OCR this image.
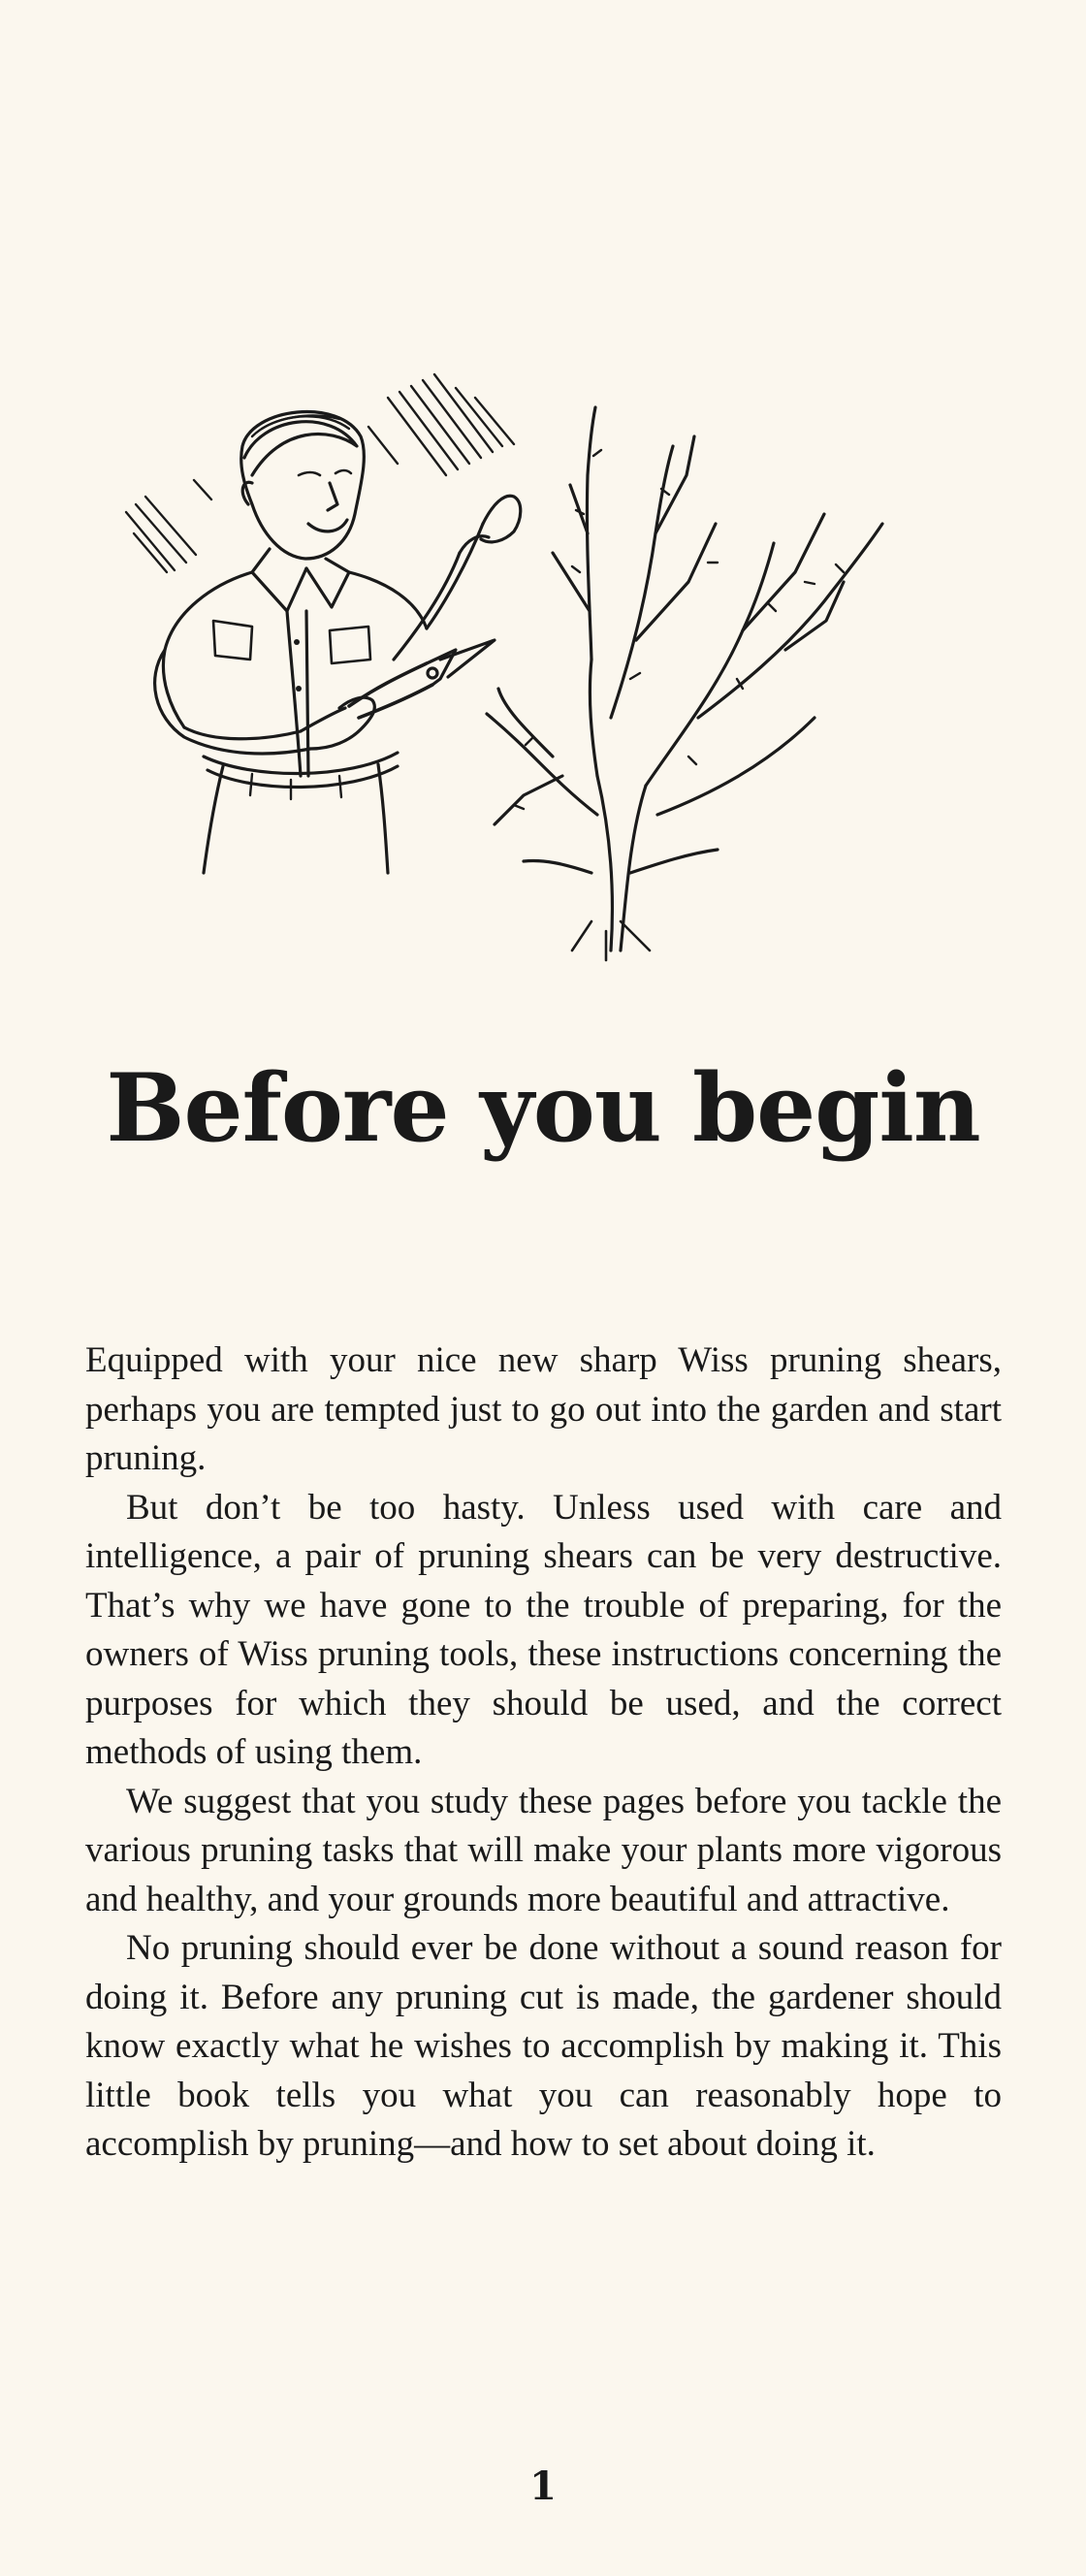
Before you begin

Equipped with your nice new sharp Wiss pruning shears, perhaps you are tempted just to go out into the garden and start pruning.

But don’t be too hasty. Unless used with care and intelligence, a pair of pruning shears can be very destructive. That’s why we have gone to the trouble of preparing, for the owners of Wiss pruning tools, these instructions concerning the purposes for which they should be used, and the correct methods of using them.

We suggest that you study these pages before you tackle the various pruning tasks that will make your plants more vigorous and healthy, and your grounds more beautiful and attractive.

No pruning should ever be done without a sound reason for doing it. Before any pruning cut is made, the gardener should know exactly what he wishes to accomplish by making it. This little book tells you what you can reasonably hope to accomplish by pruning—and how to set about doing it.

1
